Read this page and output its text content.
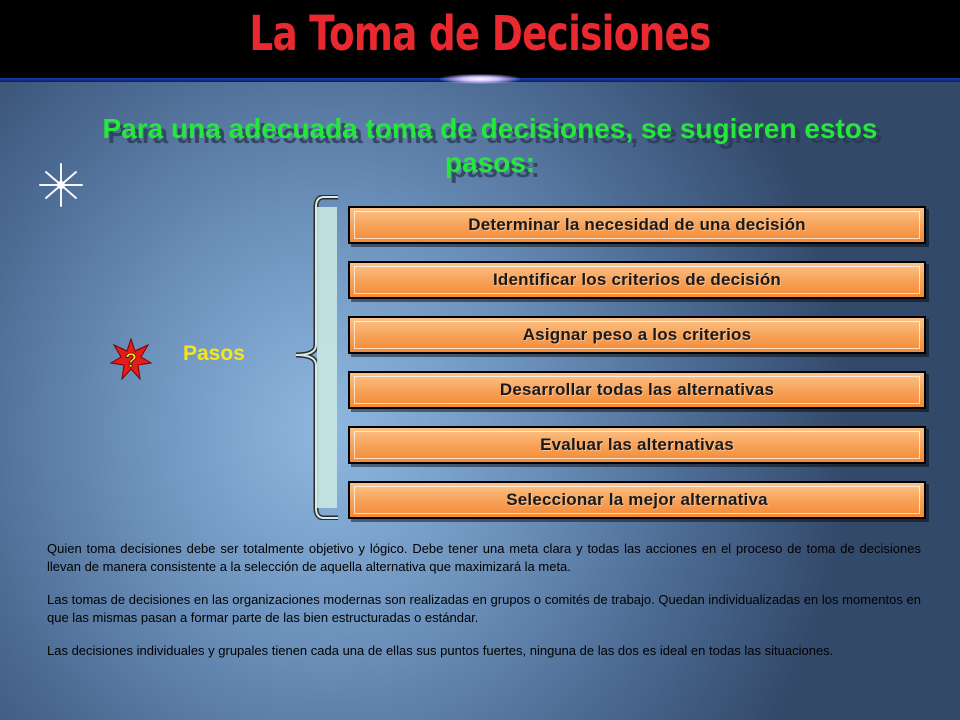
La Toma de Decisiones
Para una adecuada toma de decisiones, se sugieren estos pasos:
Determinar la necesidad de una decisión
Identificar los criterios de decisión
Asignar peso a los criterios
Desarrollar todas las alternativas
Evaluar las alternativas
Seleccionar la mejor alternativa
? Pasos

Quien toma decisiones debe ser totalmente objetivo y lógico. Debe tener una meta clara y todas las acciones en el proceso de toma de decisiones llevan de manera consistente a la selección de aquella alternativa que maximizará la meta.

Las tomas de decisiones en las organizaciones modernas son realizadas en grupos o comités de trabajo. Quedan individualizadas en los momentos en que las mismas pasan a formar parte de las bien estructuradas o estándar.

Las decisiones individuales y grupales tienen cada una de ellas sus puntos fuertes, ninguna de las dos es ideal en todas las situaciones.
